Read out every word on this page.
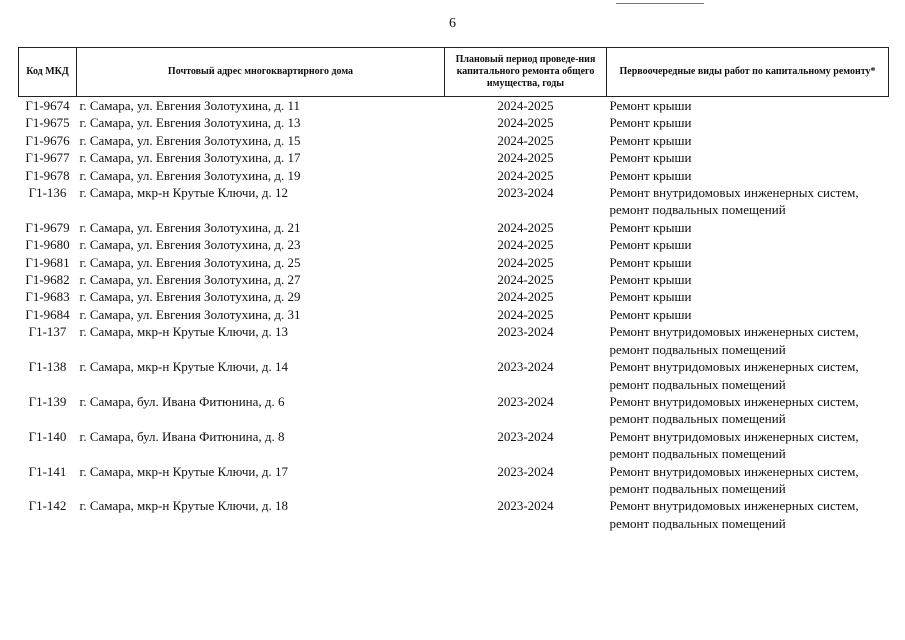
6
Код МКД	Почтовый адрес многоквартирного дома	Плановый период проведе-ния капитального ремонта общего имущества, годы	Первоочередные виды работ по капитальному ремонту*
Г1-9674	г. Самара, ул. Евгения Золотухина, д. 11	2024-2025	Ремонт крыши

Г1-9675	г. Самара, ул. Евгения Золотухина, д. 13	2024-2025	Ремонт крыши

Г1-9676	г. Самара, ул. Евгения Золотухина, д. 15	2024-2025	Ремонт крыши

Г1-9677	г. Самара, ул. Евгения Золотухина, д. 17	2024-2025	Ремонт крыши

Г1-9678	г. Самара, ул. Евгения Золотухина, д. 19	2024-2025	Ремонт крыши

Г1-136	г. Самара, мкр-н Крутые Ключи, д. 12	2023-2024	Ремонт внутридомовых инженерных систем,
ремонт подвальных помещений

Г1-9679	г. Самара, ул. Евгения Золотухина, д. 21	2024-2025	Ремонт крыши

Г1-9680	г. Самара, ул. Евгения Золотухина, д. 23	2024-2025	Ремонт крыши

Г1-9681	г. Самара, ул. Евгения Золотухина, д. 25	2024-2025	Ремонт крыши

Г1-9682	г. Самара, ул. Евгения Золотухина, д. 27	2024-2025	Ремонт крыши

Г1-9683	г. Самара, ул. Евгения Золотухина, д. 29	2024-2025	Ремонт крыши

Г1-9684	г. Самара, ул. Евгения Золотухина, д. 31	2024-2025	Ремонт крыши

Г1-137	г. Самара, мкр-н Крутые Ключи, д. 13	2023-2024	Ремонт внутридомовых инженерных систем,
ремонт подвальных помещений

Г1-138	г. Самара, мкр-н Крутые Ключи, д. 14	2023-2024	Ремонт внутридомовых инженерных систем,
ремонт подвальных помещений

Г1-139	г. Самара, бул. Ивана Фитюнина, д. 6	2023-2024	Ремонт внутридомовых инженерных систем,
ремонт подвальных помещений

Г1-140	г. Самара, бул. Ивана Фитюнина, д. 8	2023-2024	Ремонт внутридомовых инженерных систем,
ремонт подвальных помещений

Г1-141	г. Самара, мкр-н Крутые Ключи, д. 17	2023-2024	Ремонт внутридомовых инженерных систем,
ремонт подвальных помещений

Г1-142	г. Самара, мкр-н Крутые Ключи, д. 18	2023-2024	Ремонт внутридомовых инженерных систем,
ремонт подвальных помещений
